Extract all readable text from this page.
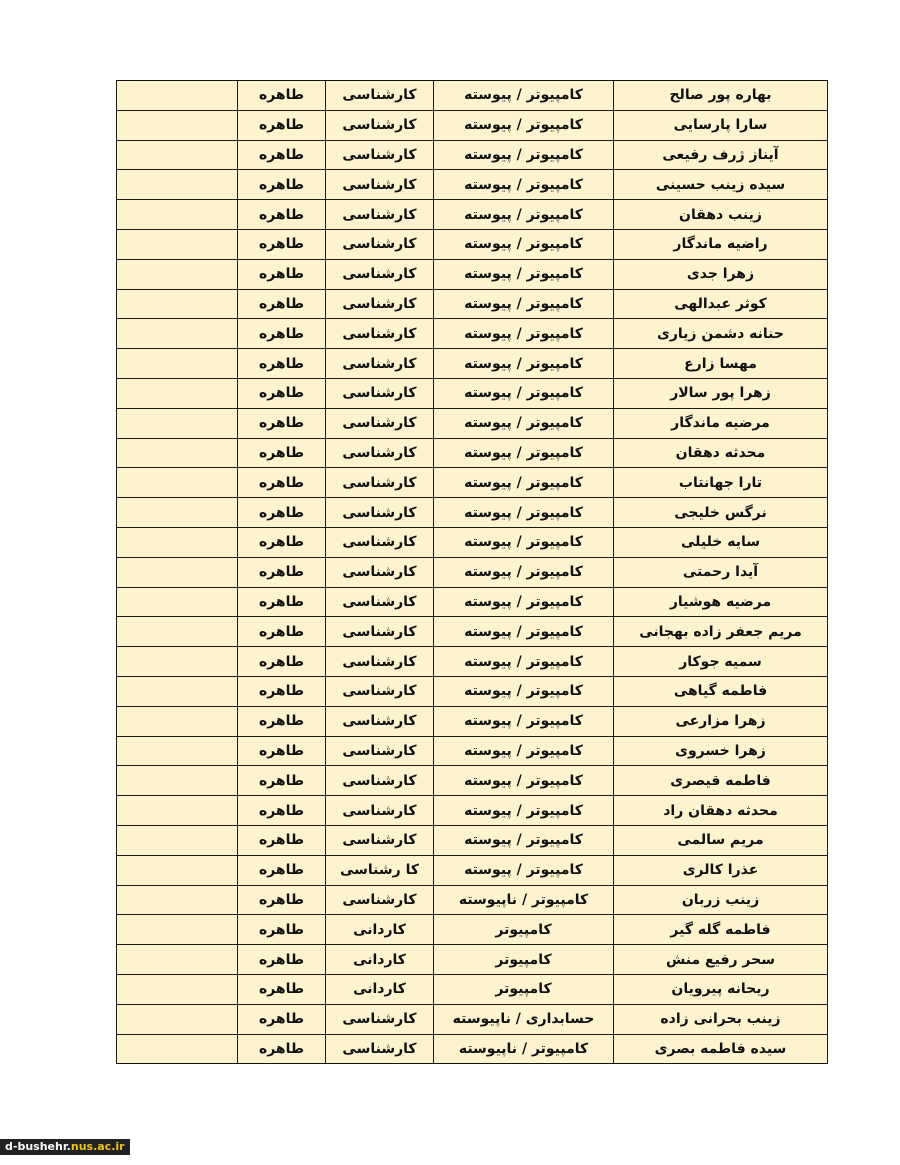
بهاره پور صالح	کامپیوتر / پیوسته	کارشناسی	طاهره	
سارا پارسایی	کامپیوتر / پیوسته	کارشناسی	طاهره	
آیناز ژرف رفیعی	کامپیوتر / پیوسته	کارشناسی	طاهره	
سیده زینب حسینی	کامپیوتر / پیوسته	کارشناسی	طاهره	
زینب دهقان	کامپیوتر / پیوسته	کارشناسی	طاهره	
راضیه ماندگار	کامپیوتر / پیوسته	کارشناسی	طاهره	
زهرا جدی	کامپیوتر / پیوسته	کارشناسی	طاهره	
کوثر عبدالهی	کامپیوتر / پیوسته	کارشناسی	طاهره	
حنانه دشمن زیاری	کامپیوتر / پیوسته	کارشناسی	طاهره	
مهسا زارع	کامپیوتر / پیوسته	کارشناسی	طاهره	
زهرا پور سالار	کامپیوتر / پیوسته	کارشناسی	طاهره	
مرضیه ماندگار	کامپیوتر / پیوسته	کارشناسی	طاهره	
محدثه دهقان	کامپیوتر / پیوسته	کارشناسی	طاهره	
تارا جهانتاب	کامپیوتر / پیوسته	کارشناسی	طاهره	
نرگس خلیجی	کامپیوتر / پیوسته	کارشناسی	طاهره	
سایه خلیلی	کامپیوتر / پیوسته	کارشناسی	طاهره	
آیدا رحمتی	کامپیوتر / پیوسته	کارشناسی	طاهره	
مرضیه هوشیار	کامپیوتر / پیوسته	کارشناسی	طاهره	
مریم جعفر زاده بهجانی	کامپیوتر / پیوسته	کارشناسی	طاهره	
سمیه جوکار	کامپیوتر / پیوسته	کارشناسی	طاهره	
فاطمه گیاهی	کامپیوتر / پیوسته	کارشناسی	طاهره	
زهرا مزارعی	کامپیوتر / پیوسته	کارشناسی	طاهره	
زهرا خسروی	کامپیوتر / پیوسته	کارشناسی	طاهره	
فاطمه قیصری	کامپیوتر / پیوسته	کارشناسی	طاهره	
محدثه دهقان راد	کامپیوتر / پیوسته	کارشناسی	طاهره	
مریم سالمی	کامپیوتر / پیوسته	کارشناسی	طاهره	
عذرا کالری	کامپیوتر / پیوسته	کا رشناسی	طاهره	
زینب زربان	کامپیوتر / ناپیوسته	کارشناسی	طاهره	
فاطمه گله گیر	کامپیوتر	کاردانی	طاهره	
سحر رفیع منش	کامپیوتر	کاردانی	طاهره	
ریحانه پیرویان	کامپیوتر	کاردانی	طاهره	
زینب بحرانی زاده	حسابداری / ناپیوسته	کارشناسی	طاهره	
سیده فاطمه بصری	کامپیوتر / ناپیوسته	کارشناسی	طاهره	
d-bushehr.nus.ac.ir
